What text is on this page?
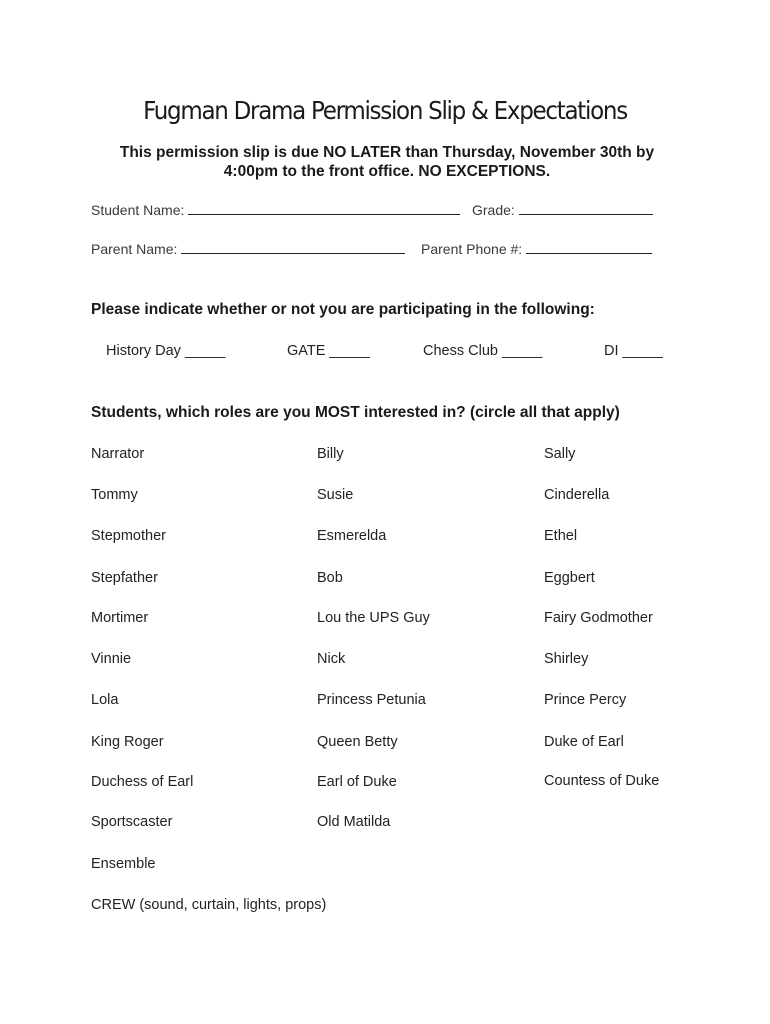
Fugman Drama Permission Slip & Expectations
This permission slip is due NO LATER than Thursday, November 30th by 4:00pm to the front office. NO EXCEPTIONS.
Student Name:	Grade:
Parent Name:	Parent Phone #:
Please indicate whether or not you are participating in the following:
History Day _____	GATE _____	Chess Club _____	DI _____
Students, which roles are you MOST interested in? (circle all that apply)
Narrator
Tommy
Stepmother
Stepfather
Mortimer
Vinnie
Lola
King Roger
Duchess of Earl
Sportscaster
Ensemble
CREW (sound, curtain, lights, props)
Billy
Susie
Esmerelda
Bob
Lou the UPS Guy
Nick
Princess Petunia
Queen Betty
Earl of Duke
Old Matilda
Sally
Cinderella
Ethel
Eggbert
Fairy Godmother
Shirley
Prince Percy
Duke of Earl
Countess of Duke
